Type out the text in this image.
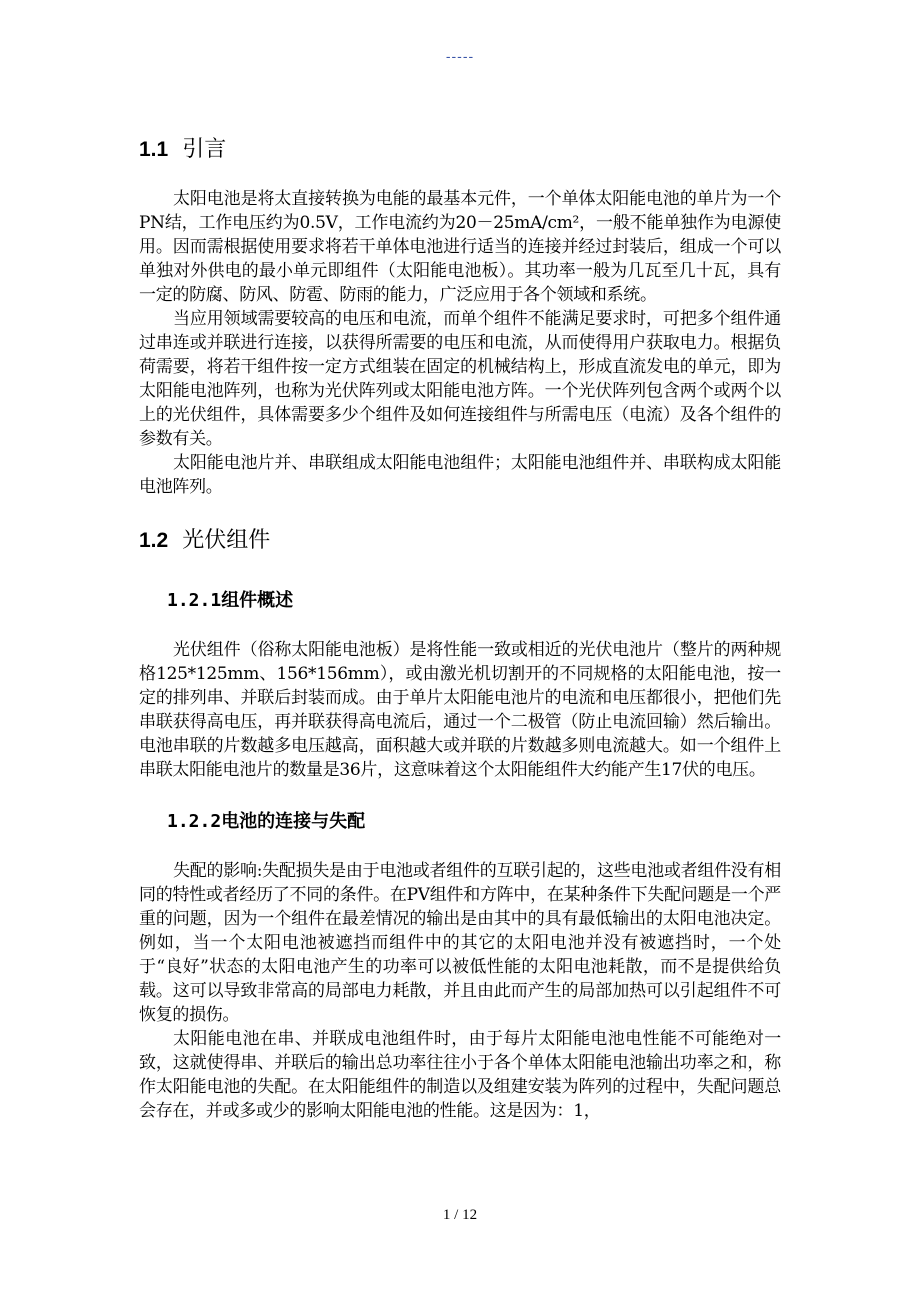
-----
1.1 引言

太阳电池是将太直接转换为电能的最基本元件，一个单体太阳能电池的单片为一个PN结，工作电压约为0.5V，工作电流约为20－25mA/cm²，一般不能单独作为电源使用。因而需根据使用要求将若干单体电池进行适当的连接并经过封装后，组成一个可以单独对外供电的最小单元即组件（太阳能电池板）。其功率一般为几瓦至几十瓦，具有一定的防腐、防风、防雹、防雨的能力，广泛应用于各个领域和系统。

当应用领域需要较高的电压和电流，而单个组件不能满足要求时，可把多个组件通过串连或并联进行连接，以获得所需要的电压和电流，从而使得用户获取电力。根据负荷需要，将若干组件按一定方式组装在固定的机械结构上，形成直流发电的单元，即为太阳能电池阵列，也称为光伏阵列或太阳能电池方阵。一个光伏阵列包含两个或两个以上的光伏组件，具体需要多少个组件及如何连接组件与所需电压（电流）及各个组件的参数有关。

太阳能电池片并、串联组成太阳能电池组件；太阳能电池组件并、串联构成太阳能电池阵列。

1.2 光伏组件
1.2.1组件概述

光伏组件（俗称太阳能电池板）是将性能一致或相近的光伏电池片（整片的两种规格125*125mm、156*156mm），或由激光机切割开的不同规格的太阳能电池，按一定的排列串、并联后封装而成。由于单片太阳能电池片的电流和电压都很小，把他们先串联获得高电压，再并联获得高电流后，通过一个二极管（防止电流回输）然后输出。电池串联的片数越多电压越高，面积越大或并联的片数越多则电流越大。如一个组件上串联太阳能电池片的数量是36片，这意味着这个太阳能组件大约能产生17伏的电压。

1.2.2电池的连接与失配

失配的影响:失配损失是由于电池或者组件的互联引起的，这些电池或者组件没有相同的特性或者经历了不同的条件。在PV组件和方阵中，在某种条件下失配问题是一个严重的问题，因为一个组件在最差情况的输出是由其中的具有最低输出的太阳电池决定。例如，当一个太阳电池被遮挡而组件中的其它的太阳电池并没有被遮挡时，一个处于“良好”状态的太阳电池产生的功率可以被低性能的太阳电池耗散，而不是提供给负载。这可以导致非常高的局部电力耗散，并且由此而产生的局部加热可以引起组件不可恢复的损伤。

太阳能电池在串、并联成电池组件时，由于每片太阳能电池电性能不可能绝对一致，这就使得串、并联后的输出总功率往往小于各个单体太阳能电池输出功率之和，称作太阳能电池的失配。在太阳能组件的制造以及组建安装为阵列的过程中，失配问题总会存在，并或多或少的影响太阳能电池的性能。这是因为：1，

1 / 12
